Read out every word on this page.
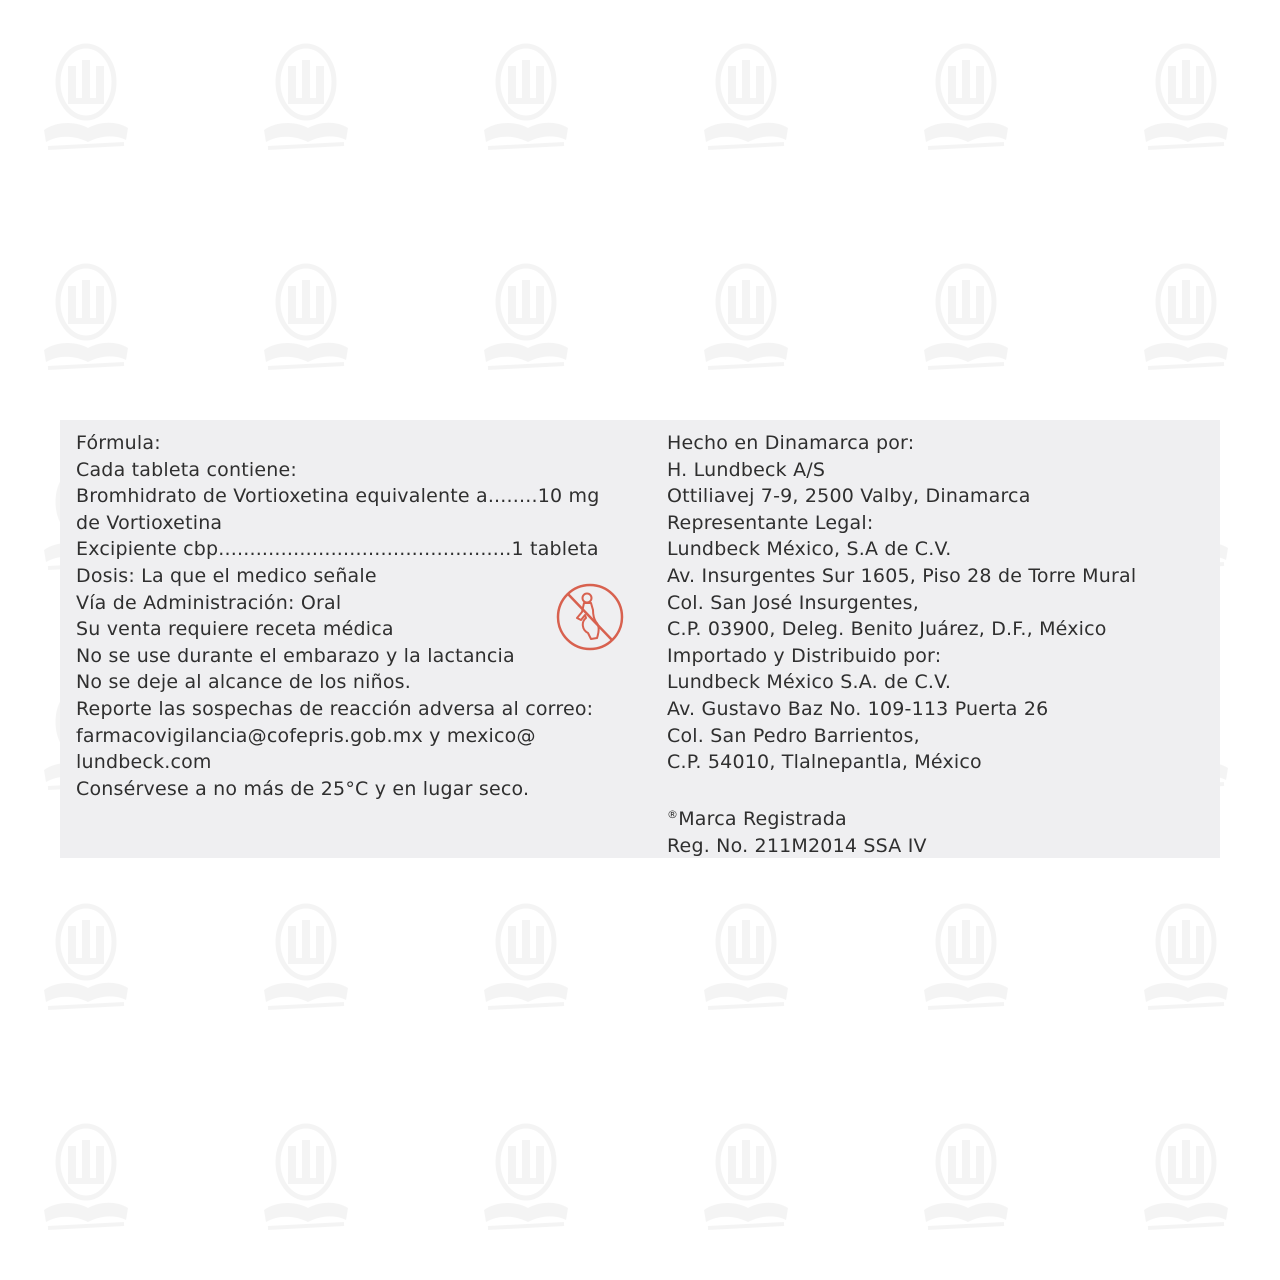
Fórmula:
Cada tableta contiene:
Bromhidrato de Vortioxetina equivalente a........10 mg
de Vortioxetina
Excipiente cbp...............................................1 tableta
Dosis: La que el medico señale
Vía de Administración: Oral
Su venta requiere receta médica
No se use durante el embarazo y la lactancia
No se deje al alcance de los niños.
Reporte las sospechas de reacción adversa al correo:
farmacovigilancia@cofepris.gob.mx y mexico@
lundbeck.com
Consérvese a no más de 25°C y en lugar seco.
Hecho en Dinamarca por:
H. Lundbeck A/S
Ottiliavej 7-9, 2500 Valby, Dinamarca
Representante Legal:
Lundbeck México, S.A de C.V.
Av. Insurgentes Sur 1605, Piso 28 de Torre Mural
Col. San José Insurgentes,
C.P. 03900, Deleg. Benito Juárez, D.F., México
Importado y Distribuido por:
Lundbeck México S.A. de C.V.
Av. Gustavo Baz No. 109-113 Puerta 26
Col. San Pedro Barrientos,
C.P. 54010, Tlalnepantla, México
®Marca Registrada
Reg. No. 211M2014 SSA IV
